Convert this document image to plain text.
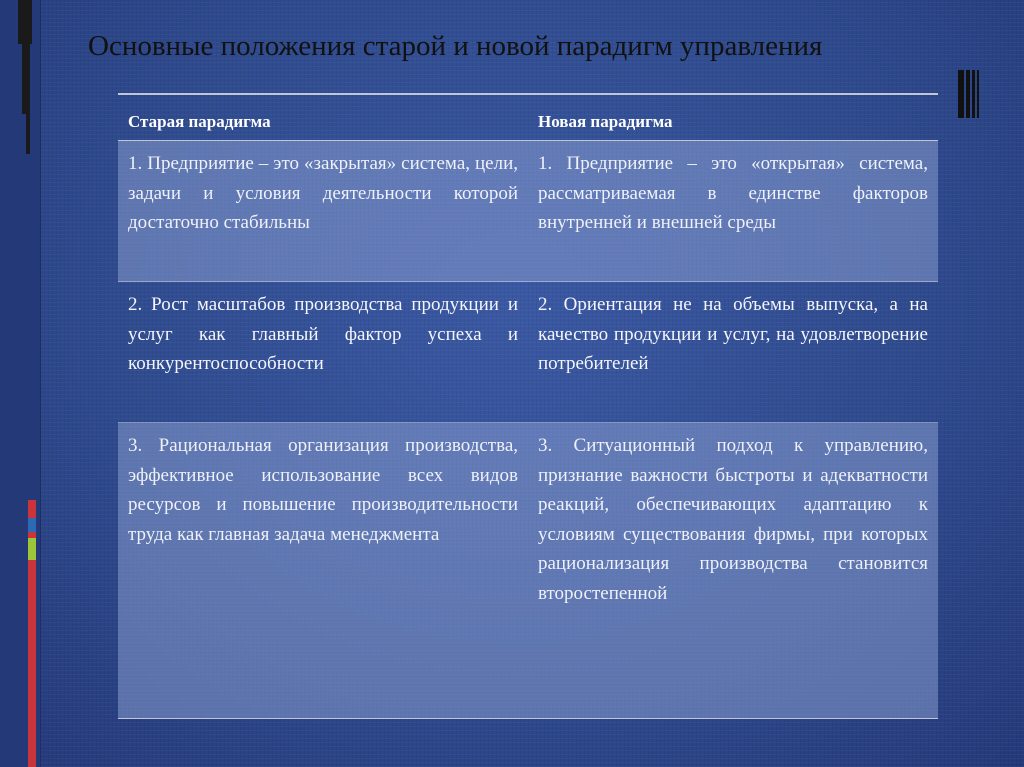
Основные положения старой и новой парадигм управления
Старая парадигма	Новая парадигма
1. Предприятие – это «закрытая» система, цели, задачи и условия деятельности которой достаточно стабильны
1. Предприятие – это «открытая» система, рассматриваемая в единстве факторов внутренней и внешней среды
2. Рост масштабов производства продукции и услуг как главный фактор успеха и конкурентоспособности
2. Ориентация не на объемы выпуска, а на качество продукции и услуг, на удовлетворение потребителей
3. Рациональная организация производства, эффективное использование всех видов ресурсов и повышение производительности труда как главная задача менеджмента
3. Ситуационный подход к управлению, признание важности быстроты и адекватности реакций, обеспечивающих адаптацию к условиям существования фирмы, при которых рационализация производства становится второстепенной
